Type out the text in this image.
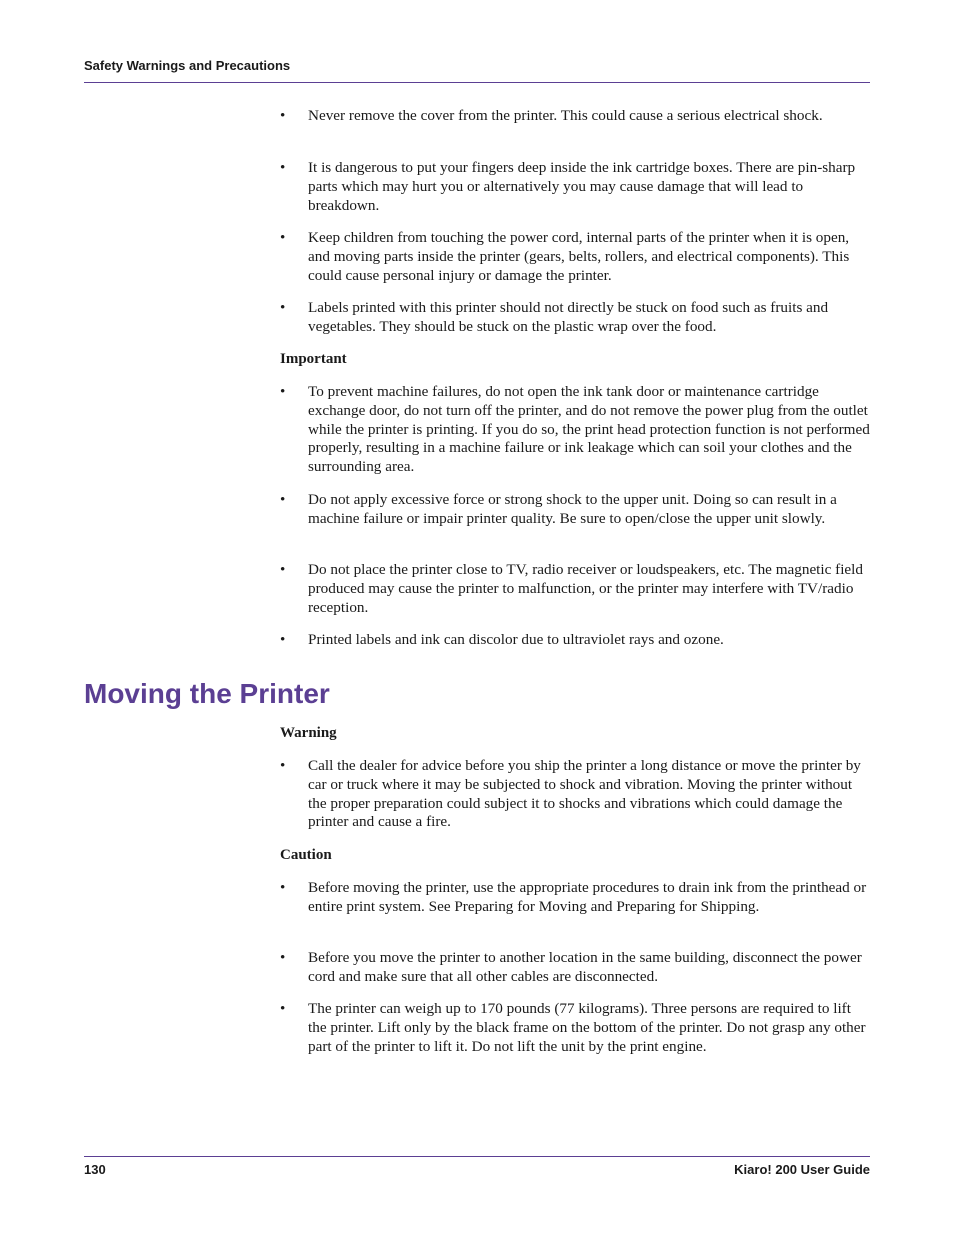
Safety Warnings and Precautions
• Never remove the cover from the printer. This could cause a serious electrical shock.
• It is dangerous to put your fingers deep inside the ink cartridge boxes. There are pin-sharp parts which may hurt you or alternatively you may cause damage that will lead to breakdown.
• Keep children from touching the power cord, internal parts of the printer when it is open, and moving parts inside the printer (gears, belts, rollers, and electrical components). This could cause personal injury or damage the printer.
• Labels printed with this printer should not directly be stuck on food such as fruits and vegetables. They should be stuck on the plastic wrap over the food.
Important
• To prevent machine failures, do not open the ink tank door or maintenance cartridge exchange door, do not turn off the printer, and do not remove the power plug from the outlet while the printer is printing. If you do so, the print head protection function is not performed properly, resulting in a machine failure or ink leakage which can soil your clothes and the surrounding area.
• Do not apply excessive force or strong shock to the upper unit. Doing so can result in a machine failure or impair printer quality. Be sure to open/close the upper unit slowly.
• Do not place the printer close to TV, radio receiver or loudspeakers, etc. The magnetic field produced may cause the printer to malfunction, or the printer may interfere with TV/radio reception.
• Printed labels and ink can discolor due to ultraviolet rays and ozone.
Moving the Printer
Warning
• Call the dealer for advice before you ship the printer a long distance or move the printer by car or truck where it may be subjected to shock and vibration. Moving the printer without the proper preparation could subject it to shocks and vibrations which could damage the printer and cause a fire.
Caution
• Before moving the printer, use the appropriate procedures to drain ink from the printhead or entire print system. See Preparing for Moving and Preparing for Shipping.
• Before you move the printer to another location in the same building, disconnect the power cord and make sure that all other cables are disconnected.
• The printer can weigh up to 170 pounds (77 kilograms). Three persons are required to lift the printer. Lift only by the black frame on the bottom of the printer. Do not grasp any other part of the printer to lift it. Do not lift the unit by the print engine.
130	Kiaro! 200 User Guide
